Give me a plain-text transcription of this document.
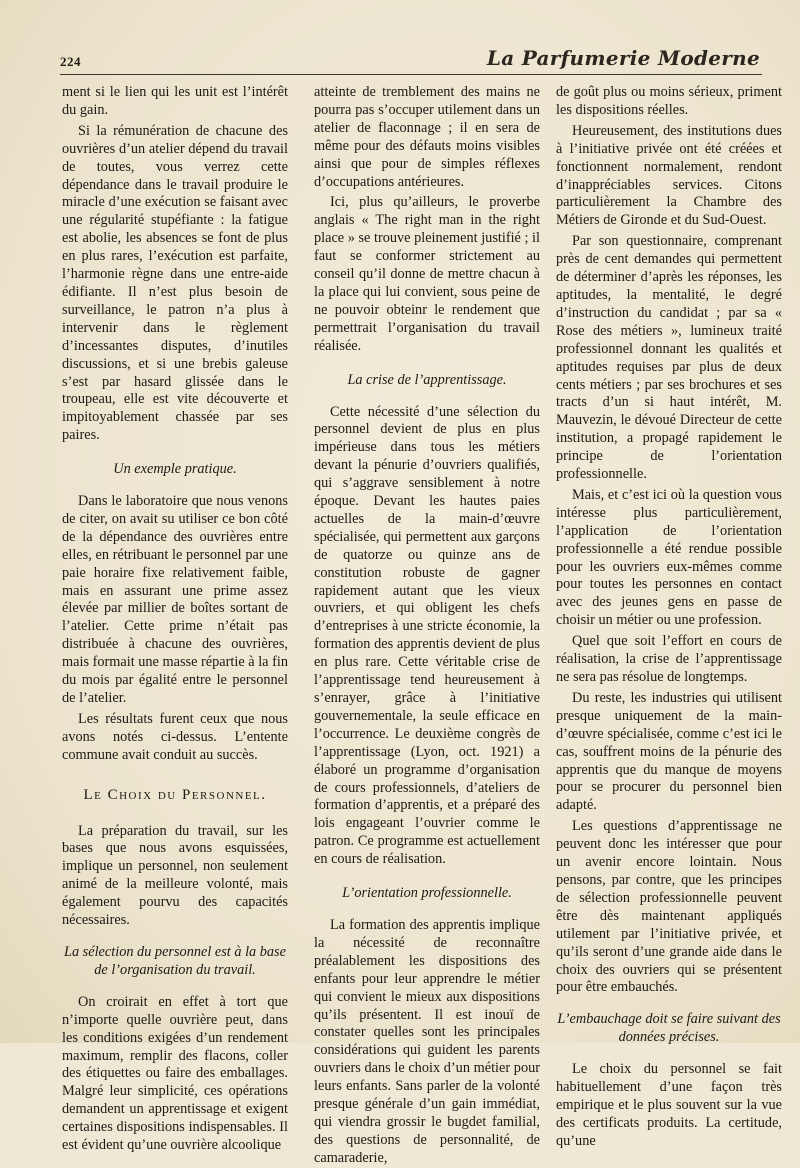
224	La Parfumerie Moderne

ment si le lien qui les unit est l’intérêt du gain.

Si la rémunération de chacune des ouvrières d’un atelier dépend du travail de toutes, vous verrez cette dépendance dans le travail produire le miracle d’une exécution se faisant avec une régularité stupéfiante : la fatigue est abolie, les absences se font de plus en plus rares, l’exécution est parfaite, l’harmonie règne dans une entre-aide édifiante. Il n’est plus besoin de surveillance, le patron n’a plus à intervenir dans le règlement d’incessantes disputes, d’inutiles discussions, et si une brebis galeuse s’est par hasard glissée dans le troupeau, elle est vite découverte et impitoyablement chassée par ses paires.

Un exemple pratique.

Dans le laboratoire que nous venons de citer, on avait su utiliser ce bon côté de la dépendance des ouvrières entre elles, en rétribuant le personnel par une paie horaire fixe relativement faible, mais en assurant une prime assez élevée par millier de boîtes sortant de l’atelier. Cette prime n’était pas distribuée à chacune des ouvrières, mais formait une masse répartie à la fin du mois par égalité entre le personnel de l’atelier.

Les résultats furent ceux que nous avons notés ci-dessus. L’entente commune avait conduit au succès.

Le Choix du Personnel.

La préparation du travail, sur les bases que nous avons esquissées, implique un personnel, non seulement animé de la meilleure volonté, mais également pourvu des capacités nécessaires.

La sélection du personnel est à la base de l’organisation du travail.

On croirait en effet à tort que n’importe quelle ouvrière peut, dans les conditions exigées d’un rendement maximum, remplir des flacons, coller des étiquettes ou faire des emballages. Malgré leur simplicité, ces opérations demandent un apprentissage et exigent certaines dispositions indispensables. Il est évident qu’une ouvrière alcoolique

atteinte de tremblement des mains ne pourra pas s’occuper utilement dans un atelier de flaconnage ; il en sera de même pour des défauts moins visibles ainsi que pour de simples réflexes d’occupations antérieures.

Ici, plus qu’ailleurs, le proverbe anglais « The right man in the right place » se trouve pleinement justifié ; il faut se conformer strictement au conseil qu’il donne de mettre chacun à la place qui lui convient, sous peine de ne pouvoir obteinr le rendement que permettrait l’organisation du travail réalisée.

La crise de l’apprentissage.

Cette nécessité d’une sélection du personnel devient de plus en plus impérieuse dans tous les métiers devant la pénurie d’ouvriers qualifiés, qui s’aggrave sensiblement à notre époque. Devant les hautes paies actuelles de la main-d’œuvre spécialisée, qui permettent aux garçons de quatorze ou quinze ans de constitution robuste de gagner rapidement autant que les vieux ouvriers, et qui obligent les chefs d’entreprises à une stricte économie, la formation des apprentis devient de plus en plus rare. Cette véritable crise de l’apprentissage tend heureusement à s’enrayer, grâce à l’initiative gouvernementale, la seule efficace en l’occurrence. Le deuxième congrès de l’apprentissage (Lyon, oct. 1921) a élaboré un programme d’organisation de cours professionnels, d’ateliers de formation d’apprentis, et a préparé des lois engageant l’ouvrier comme le patron. Ce programme est actuellement en cours de réalisation.

L’orientation professionnelle.

La formation des apprentis implique la nécessité de reconnaître préalablement les dispositions des enfants pour leur apprendre le métier qui convient le mieux aux dispositions qu’ils présentent. Il est inouï de constater quelles sont les principales considérations qui guident les parents ouvriers dans le choix d’un métier pour leurs enfants. Sans parler de la volonté presque générale d’un gain immédiat, qui viendra grossir le bugdet familial, des questions de personnalité, de camaraderie,

de goût plus ou moins sérieux, priment les dispositions réelles.

Heureusement, des institutions dues à l’initiative privée ont été créées et fonctionnent normalement, rendont d’inappréciables services. Citons particulièrement la Chambre des Métiers de Gironde et du Sud-Ouest.

Par son questionnaire, comprenant près de cent demandes qui permettent de déterminer d’après les réponses, les aptitudes, la mentalité, le degré d’instruction du candidat ; par sa « Rose des métiers », lumineux traité professionnel donnant les qualités et aptitudes requises par plus de deux cents métiers ; par ses brochures et ses tracts d’un si haut intérêt, M. Mauvezin, le dévoué Directeur de cette institution, a propagé rapidement le principe de l’orientation professionnelle.

Mais, et c’est ici où la question vous intéresse plus particulièrement, l’application de l’orientation professionnelle a été rendue possible pour les ouvriers eux-mêmes comme pour toutes les personnes en contact avec des jeunes gens en passe de choisir un métier ou une profession.

Quel que soit l’effort en cours de réalisation, la crise de l’apprentissage ne sera pas résolue de longtemps.

Du reste, les industries qui utilisent presque uniquement de la main-d’œuvre spécialisée, comme c’est ici le cas, souffrent moins de la pénurie des apprentis que du manque de moyens pour se procurer du personnel bien adapté.

Les questions d’apprentissage ne peuvent donc les intéresser que pour un avenir encore lointain. Nous pensons, par contre, que les principes de sélection professionnelle peuvent être dès maintenant appliqués utilement par l’initiative privée, et qu’ils seront d’une grande aide dans le choix des ouvriers qui se présentent pour être embauchés.

L’embauchage doit se faire suivant des données précises.

Le choix du personnel se fait habituellement d’une façon très empirique et le plus souvent sur la vue des certificats produits. La certitude, qu’une
